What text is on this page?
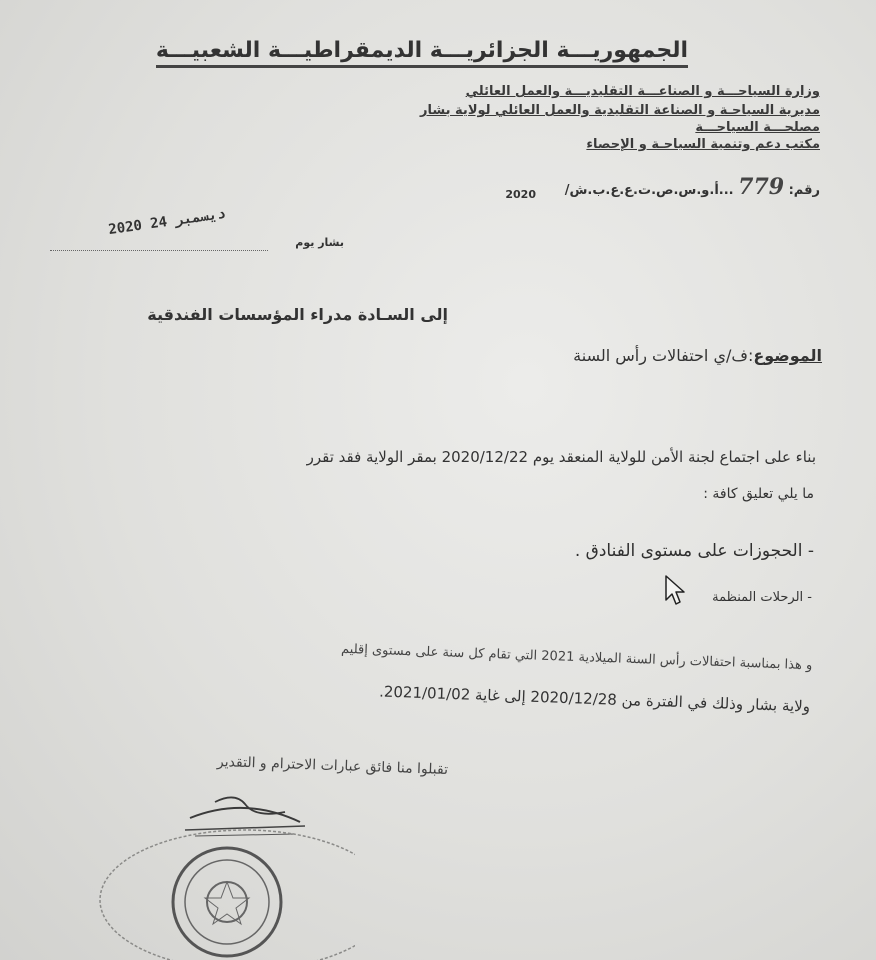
الجمهوريـــة الجزائريـــة الديمقراطيـــة الشعبيـــة
وزارة السياحـــة و الصناعـــة التقليديـــة والعمل العائلي
مديرية السياحـة و الصناعة التقليدية والعمل العائلي لولاية بشار
مصلحـــة السياحـــة
مكتب دعم وتنمية السياحـة و الإحصاء
رقم: 779 ...أ.و.س.ص.ت.ع.ع.ب.ش/
2020
2020 24 ديسمبر
بشار يوم
إلى السـادة مدراء المؤسسات الفندقية
الموضوع:ف/ي احتفالات رأس السنة
بناء على اجتماع لجنة الأمن للولاية المنعقد يوم 2020/12/22 بمقر الولاية فقد تقرر
ما يلي تعليق كافة :
- الحجوزات على مستوى الفنادق .
- الرحلات المنظمة
و هذا بمناسبة احتفالات رأس السنة الميلادية 2021 التي تقام كل سنة على مستوى إقليم
ولاية بشار وذلك في الفترة من 2020/12/28 إلى غاية 2021/01/02.
تقبلوا منا فائق عبارات الاحترام و التقدير
